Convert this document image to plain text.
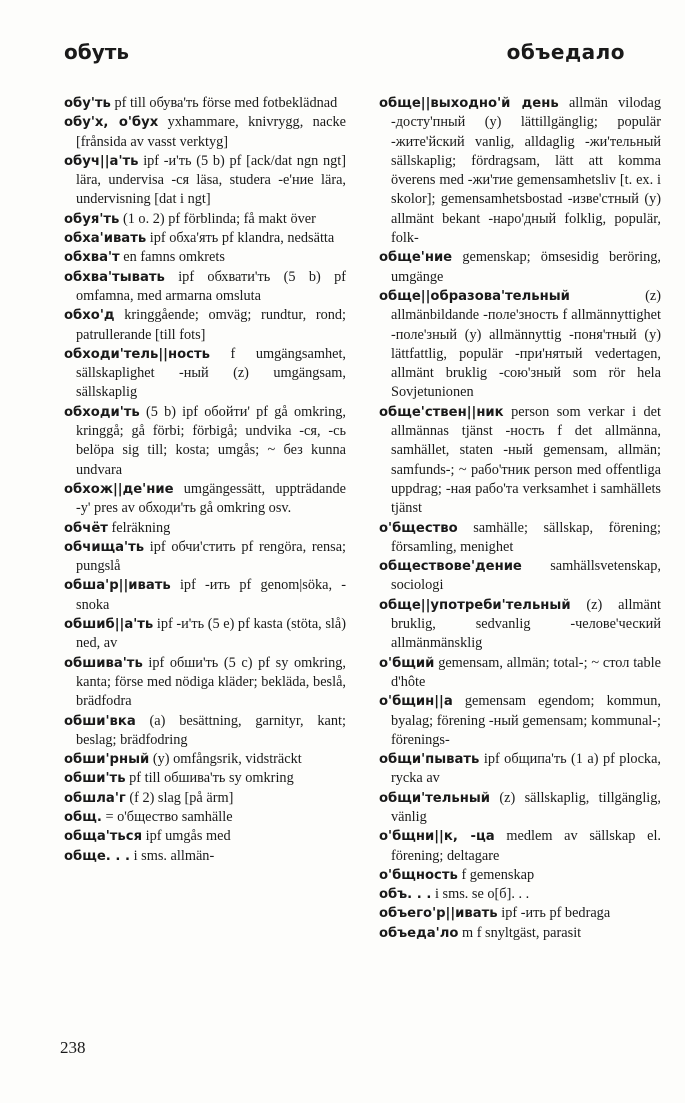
обуть	объедало

обу'ть pf till обува'ть förse med fotbeklädnad

обу'х, о'бух yxhammare, knivrygg, nacke [frånsida av vasst verktyg]

обуч||а'ть ipf -и'ть (5 b) pf [ack/dat ngn ngt] lära, undervisa -ся läsa, studera -е'ние lära, undervisning [dat i ngt]

обуя'ть (1 o. 2) pf förblinda; få makt över

обха'ивать ipf обха'ять pf klandra, nedsätta

обхва'т en famns omkrets

обхва'тывать ipf обхвати'ть (5 b) pf omfamna, med armarna omsluta

обхо'д kringgående; omväg; rundtur, rond; patrullerande [till fots]

обходи'тель||ность f umgängsamhet, sällskaplighet -ный (z) umgängsam, sällskaplig

обходи'ть (5 b) ipf обойти' pf gå omkring, kringgå; gå förbi; förbigå; undvika -ся, -сь belöpa sig till; kosta; umgås; ~ без kunna undvara

обхож||де'ние umgängessätt, uppträdande -у' pres av обходи'ть gå omkring osv.

обчёт felräkning

обчища'ть ipf обчи'стить pf rengöra, rensa; pungslå

обша'р||ивать ipf -ить pf genom|söka, -snoka

обшиб||а'ть ipf -и'ть (5 e) pf kasta (stöta, slå) ned, av

обшива'ть ipf обши'ть (5 c) pf sy omkring, kanta; förse med nödiga kläder; bekläda, beslå, brädfodra

обши'вка (a) besättning, garnityr, kant; beslag; brädfodring

обши'рный (y) omfångsrik, vidsträckt

обши'ть pf till обшива'ть sy omkring

обшла'г (f 2) slag [på ärm]

общ. = о'бщество samhälle

обща'ться ipf umgås med

обще. . . i sms. allmän-

обще||выходно'й день allmän vilodag -досту'пный (y) lättillgänglig; populär -жите'йский vanlig, alldaglig -жи'тельный sällskaplig; fördragsam, lätt att komma överens med -жи'тие gemensamhetsliv [t. ex. i skolor]; gemensamhetsbostad -изве'стный (y) allmänt bekant -наро'дный folklig, populär, folk-

обще'ние gemenskap; ömsesidig beröring, umgänge

обще||образова'тельный	(z) allmänbildande -поле'зность f allmännyttighet -поле'зный (y) allmännyttig -поня'тный (y) lättfattlig, populär -при'нятый vedertagen, allmänt bruklig -сою'зный som rör hela Sovjetunionen

обще'ствен||ник person som verkar i det allmännas tjänst -ность f det allmänna, samhället, staten -ный gemensam, allmän; samfunds-; ~ рабо'тник person med offentliga uppdrag; -ная рабо'та verksamhet i samhällets tjänst

о'бщество samhälle; sällskap, förening; församling, menighet

обществове'дение samhällsvetenskap, sociologi

обще||употреби'тельный (z) allmänt bruklig, sedvanlig -челове'ческий allmänmänsklig

о'бщий gemensam, allmän; total-; ~ стол table d'hôte

о'бщин||а gemensam egendom; kommun, byalag; förening -ный gemensam; kommunal-; förenings-

общи'пывать ipf общипа'ть (1 a) pf plocka, rycka av

общи'тельный (z) sällskaplig, tillgänglig, vänlig

о'бщни||к, -ца medlem av sällskap el. förening; deltagare

о'бщность f gemenskap

объ. . . i sms. se о[б]. . .

объего'р||ивать ipf -ить pf bedraga

объеда'ло m f snyltgäst, parasit

238
